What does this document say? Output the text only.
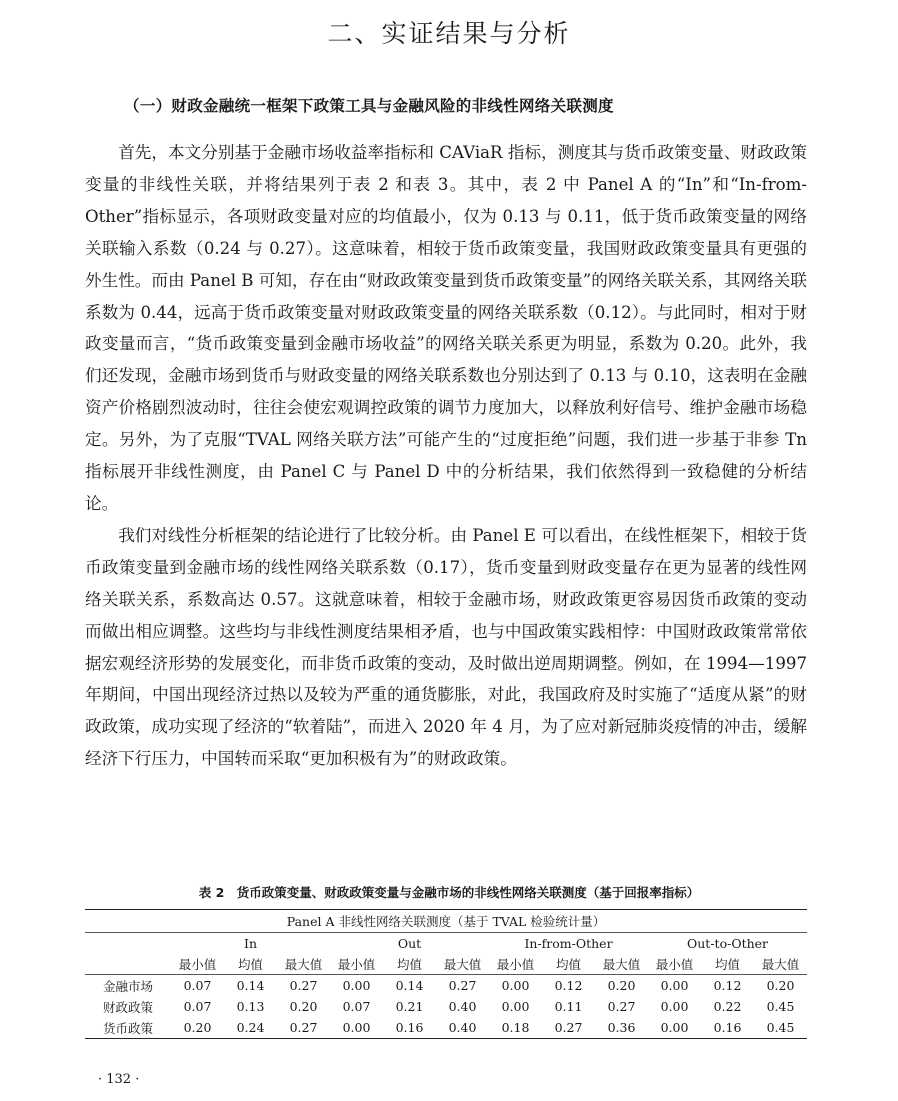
二、实证结果与分析
（一）财政金融统一框架下政策工具与金融风险的非线性网络关联测度

首先，本文分别基于金融市场收益率指标和 CAViaR 指标，测度其与货币政策变量、财政政策变量的非线性关联，并将结果列于表 2 和表 3。其中，表 2 中 Panel A 的“In”和“In-from-Other”指标显示，各项财政变量对应的均值最小，仅为 0.13 与 0.11，低于货币政策变量的网络关联输入系数（0.24 与 0.27）。这意味着，相较于货币政策变量，我国财政政策变量具有更强的外生性。而由 Panel B 可知，存在由“财政政策变量到货币政策变量”的网络关联关系，其网络关联系数为 0.44，远高于货币政策变量对财政政策变量的网络关联系数（0.12）。与此同时，相对于财政变量而言，“货币政策变量到金融市场收益”的网络关联关系更为明显，系数为 0.20。此外，我们还发现，金融市场到货币与财政变量的网络关联系数也分别达到了 0.13 与 0.10，这表明在金融资产价格剧烈波动时，往往会使宏观调控政策的调节力度加大，以释放利好信号、维护金融市场稳定。另外，为了克服“TVAL 网络关联方法”可能产生的“过度拒绝”问题，我们进一步基于非参 Tn 指标展开非线性测度，由 Panel C 与 Panel D 中的分析结果，我们依然得到一致稳健的分析结论。

我们对线性分析框架的结论进行了比较分析。由 Panel E 可以看出，在线性框架下，相较于货币政策变量到金融市场的线性网络关联系数（0.17），货币变量到财政变量存在更为显著的线性网络关联关系，系数高达 0.57。这就意味着，相较于金融市场，财政政策更容易因货币政策的变动而做出相应调整。这些均与非线性测度结果相矛盾，也与中国政策实践相悖：中国财政政策常常依据宏观经济形势的发展变化，而非货币政策的变动，及时做出逆周期调整。例如，在 1994—1997 年期间，中国出现经济过热以及较为严重的通货膨胀，对此，我国政府及时实施了“适度从紧”的财政政策，成功实现了经济的“软着陆”，而进入 2020 年 4 月，为了应对新冠肺炎疫情的冲击，缓解经济下行压力，中国转而采取“更加积极有为”的财政政策。

表 2　货币政策变量、财政政策变量与金融市场的非线性网络关联测度（基于回报率指标）
Panel A 非线性网络关联测度（基于 TVAL 检验统计量）												
	In			Out			In-from-Other			Out-to-Other		
	最小值	均值	最大值	最小值	均值	最大值	最小值	均值	最大值	最小值	均值	最大值
金融市场	0.07	0.14	0.27	0.00	0.14	0.27	0.00	0.12	0.20	0.00	0.12	0.20
财政政策	0.07	0.13	0.20	0.07	0.21	0.40	0.00	0.11	0.27	0.00	0.22	0.45
货币政策	0.20	0.24	0.27	0.00	0.16	0.40	0.18	0.27	0.36	0.00	0.16	0.45
· 132 ·
